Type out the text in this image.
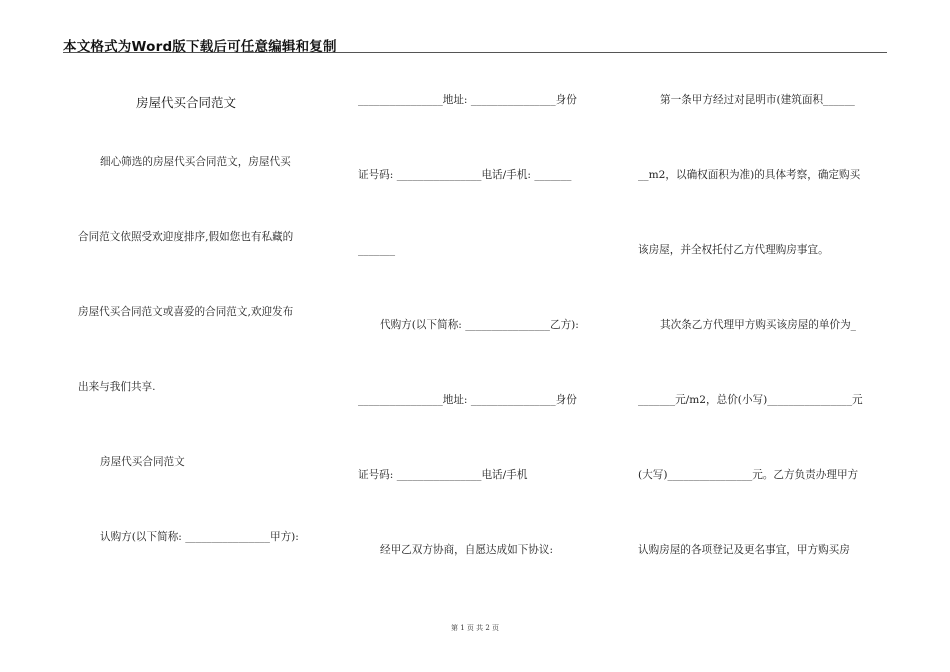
本文格式为Word版下载后可任意编辑和复制
房屋代买合同范文
细心筛选的房屋代买合同范文，房屋代买
合同范文依照受欢迎度排序,假如您也有私藏的
房屋代买合同范文或喜爱的合同范文,欢迎发布
出来与我们共享.
房屋代买合同范文
认购方(以下简称: ________________甲方):
________________地址: ________________身份
证号码: ________________电话/手机: _______
_______
代购方(以下简称: ________________乙方):
________________地址: ________________身份
证号码: ________________电话/手机
经甲乙双方协商，自愿达成如下协议:
第一条甲方经过对昆明市(建筑面积______
__m2，以确权面积为准)的具体考察，确定购买
该房屋，并全权托付乙方代理购房事宜。
其次条乙方代理甲方购买该房屋的单价为_
_______元/m2，总价(小写)________________元
(大写)________________元。乙方负责办理甲方
认购房屋的各项登记及更名事宜，甲方购买房
第 1 页 共 2 页
